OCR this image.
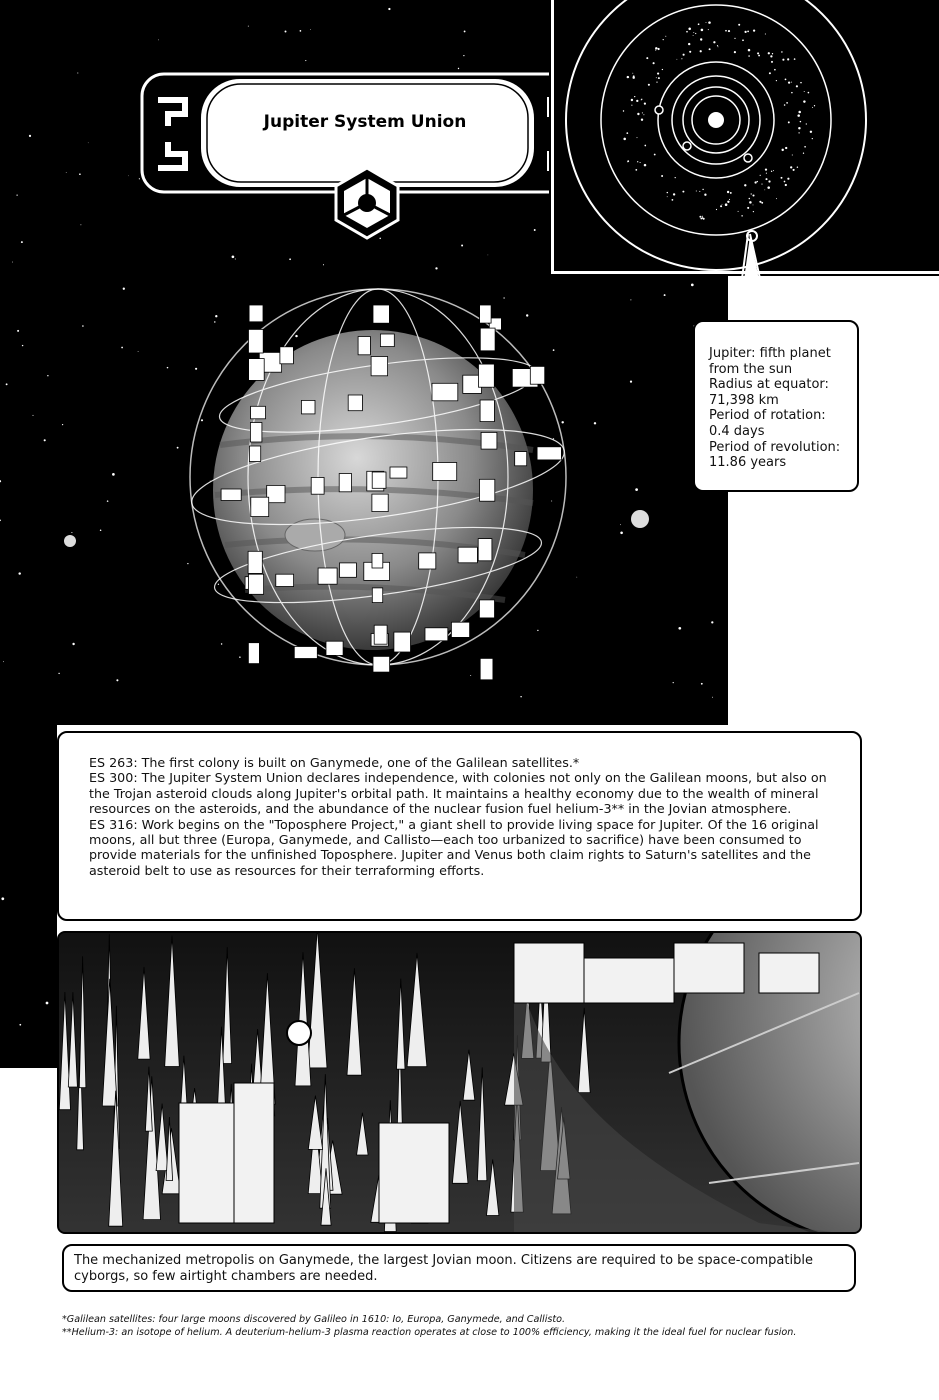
Jupiter System Union
Jupiter: fifth planet
from the sun
Radius at equator:
71,398 km
Period of rotation:
0.4 days
Period of revolution:
11.86 years

ES 263: The first colony is built on Ganymede, one of the Galilean satellites.*

ES 300: The Jupiter System Union declares independence, with colonies not only on the Galilean moons, but also on the Trojan asteroid clouds along Jupiter's orbital path. It maintains a healthy economy due to the wealth of mineral resources on the asteroids, and the abundance of the nuclear fusion fuel helium-3** in the Jovian atmosphere.

ES 316: Work begins on the "Toposphere Project," a giant shell to provide living space for Jupiter. Of the 16 original moons, all but three (Europa, Ganymede, and Callisto—each too urbanized to sacrifice) have been consumed to provide materials for the unfinished Toposphere. Jupiter and Venus both claim rights to Saturn's satellites and the asteroid belt to use as resources for their terraforming efforts.

The mechanized metropolis on Ganymede, the largest Jovian moon. Citizens are required to be space-compatible cyborgs, so few airtight chambers are needed.
*Galilean satellites: four large moons discovered by Galileo in 1610: Io, Europa, Ganymede, and Callisto.
**Helium-3: an isotope of helium. A deuterium-helium-3 plasma reaction operates at close to 100% efficiency, making it the ideal fuel for nuclear fusion.
